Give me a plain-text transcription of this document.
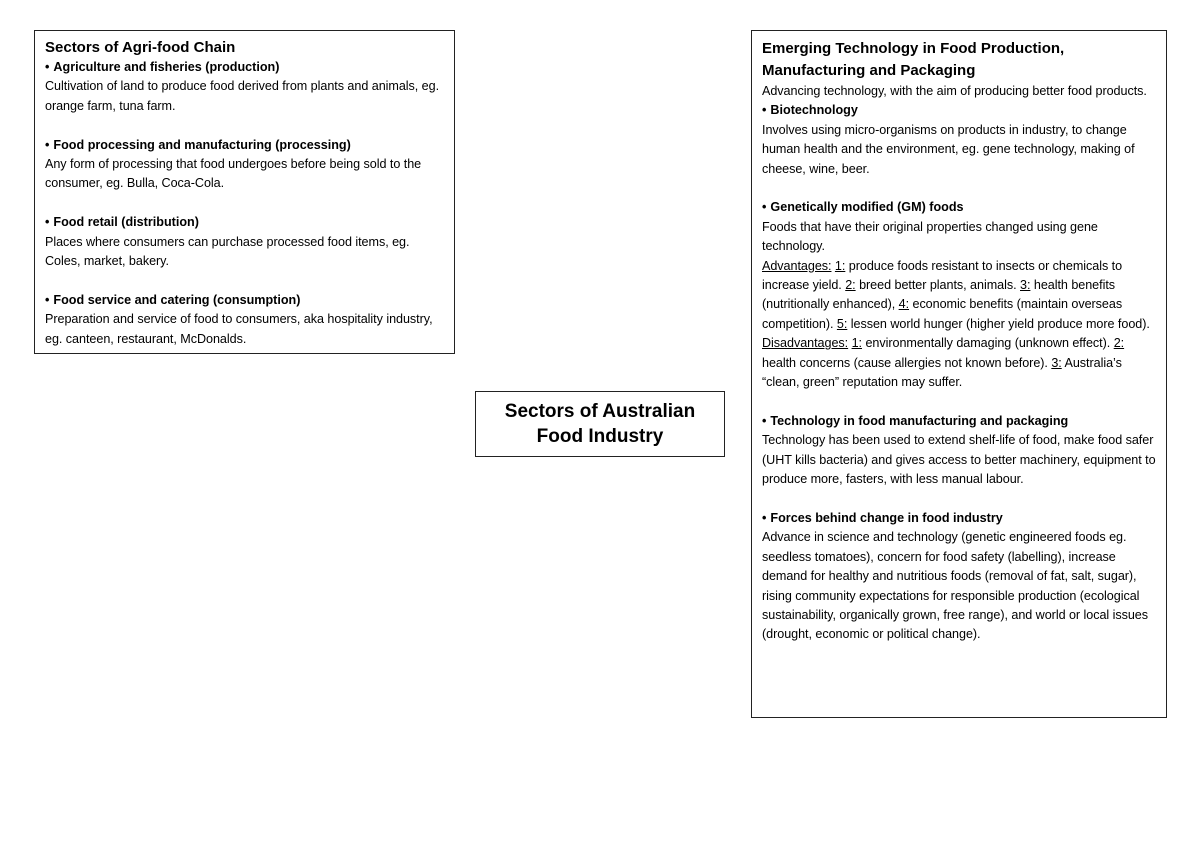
Sectors of Agri-food Chain
• Agriculture and fisheries (production)
Cultivation of land to produce food derived from plants and animals, eg. orange farm, tuna farm.
• Food processing and manufacturing (processing)
Any form of processing that food undergoes before being sold to the consumer, eg. Bulla, Coca-Cola.
• Food retail (distribution)
Places where consumers can purchase processed food items, eg. Coles, market, bakery.
• Food service and catering (consumption)
Preparation and service of food to consumers, aka hospitality industry, eg. canteen, restaurant, McDonalds.
Sectors of Australian Food Industry
Emerging Technology in Food Production, Manufacturing and Packaging
Advancing technology, with the aim of producing better food products.
• Biotechnology
Involves using micro-organisms on products in industry, to change human health and the environment, eg. gene technology, making of cheese, wine, beer.
• Genetically modified (GM) foods
Foods that have their original properties changed using gene technology.
Advantages: 1: produce foods resistant to insects or chemicals to increase yield. 2: breed better plants, animals. 3: health benefits (nutritionally enhanced), 4: economic benefits (maintain overseas competition). 5: lessen world hunger (higher yield produce more food).
Disadvantages: 1: environmentally damaging (unknown effect). 2: health concerns (cause allergies not known before). 3: Australia’s “clean, green” reputation may suffer.
• Technology in food manufacturing and packaging
Technology has been used to extend shelf-life of food, make food safer (UHT kills bacteria) and gives access to better machinery, equipment to produce more, fasters, with less manual labour.
• Forces behind change in food industry
Advance in science and technology (genetic engineered foods eg. seedless tomatoes), concern for food safety (labelling), increase demand for healthy and nutritious foods (removal of fat, salt, sugar), rising community expectations for responsible production (ecological sustainability, organically grown, free range), and world or local issues (drought, economic or political change).
